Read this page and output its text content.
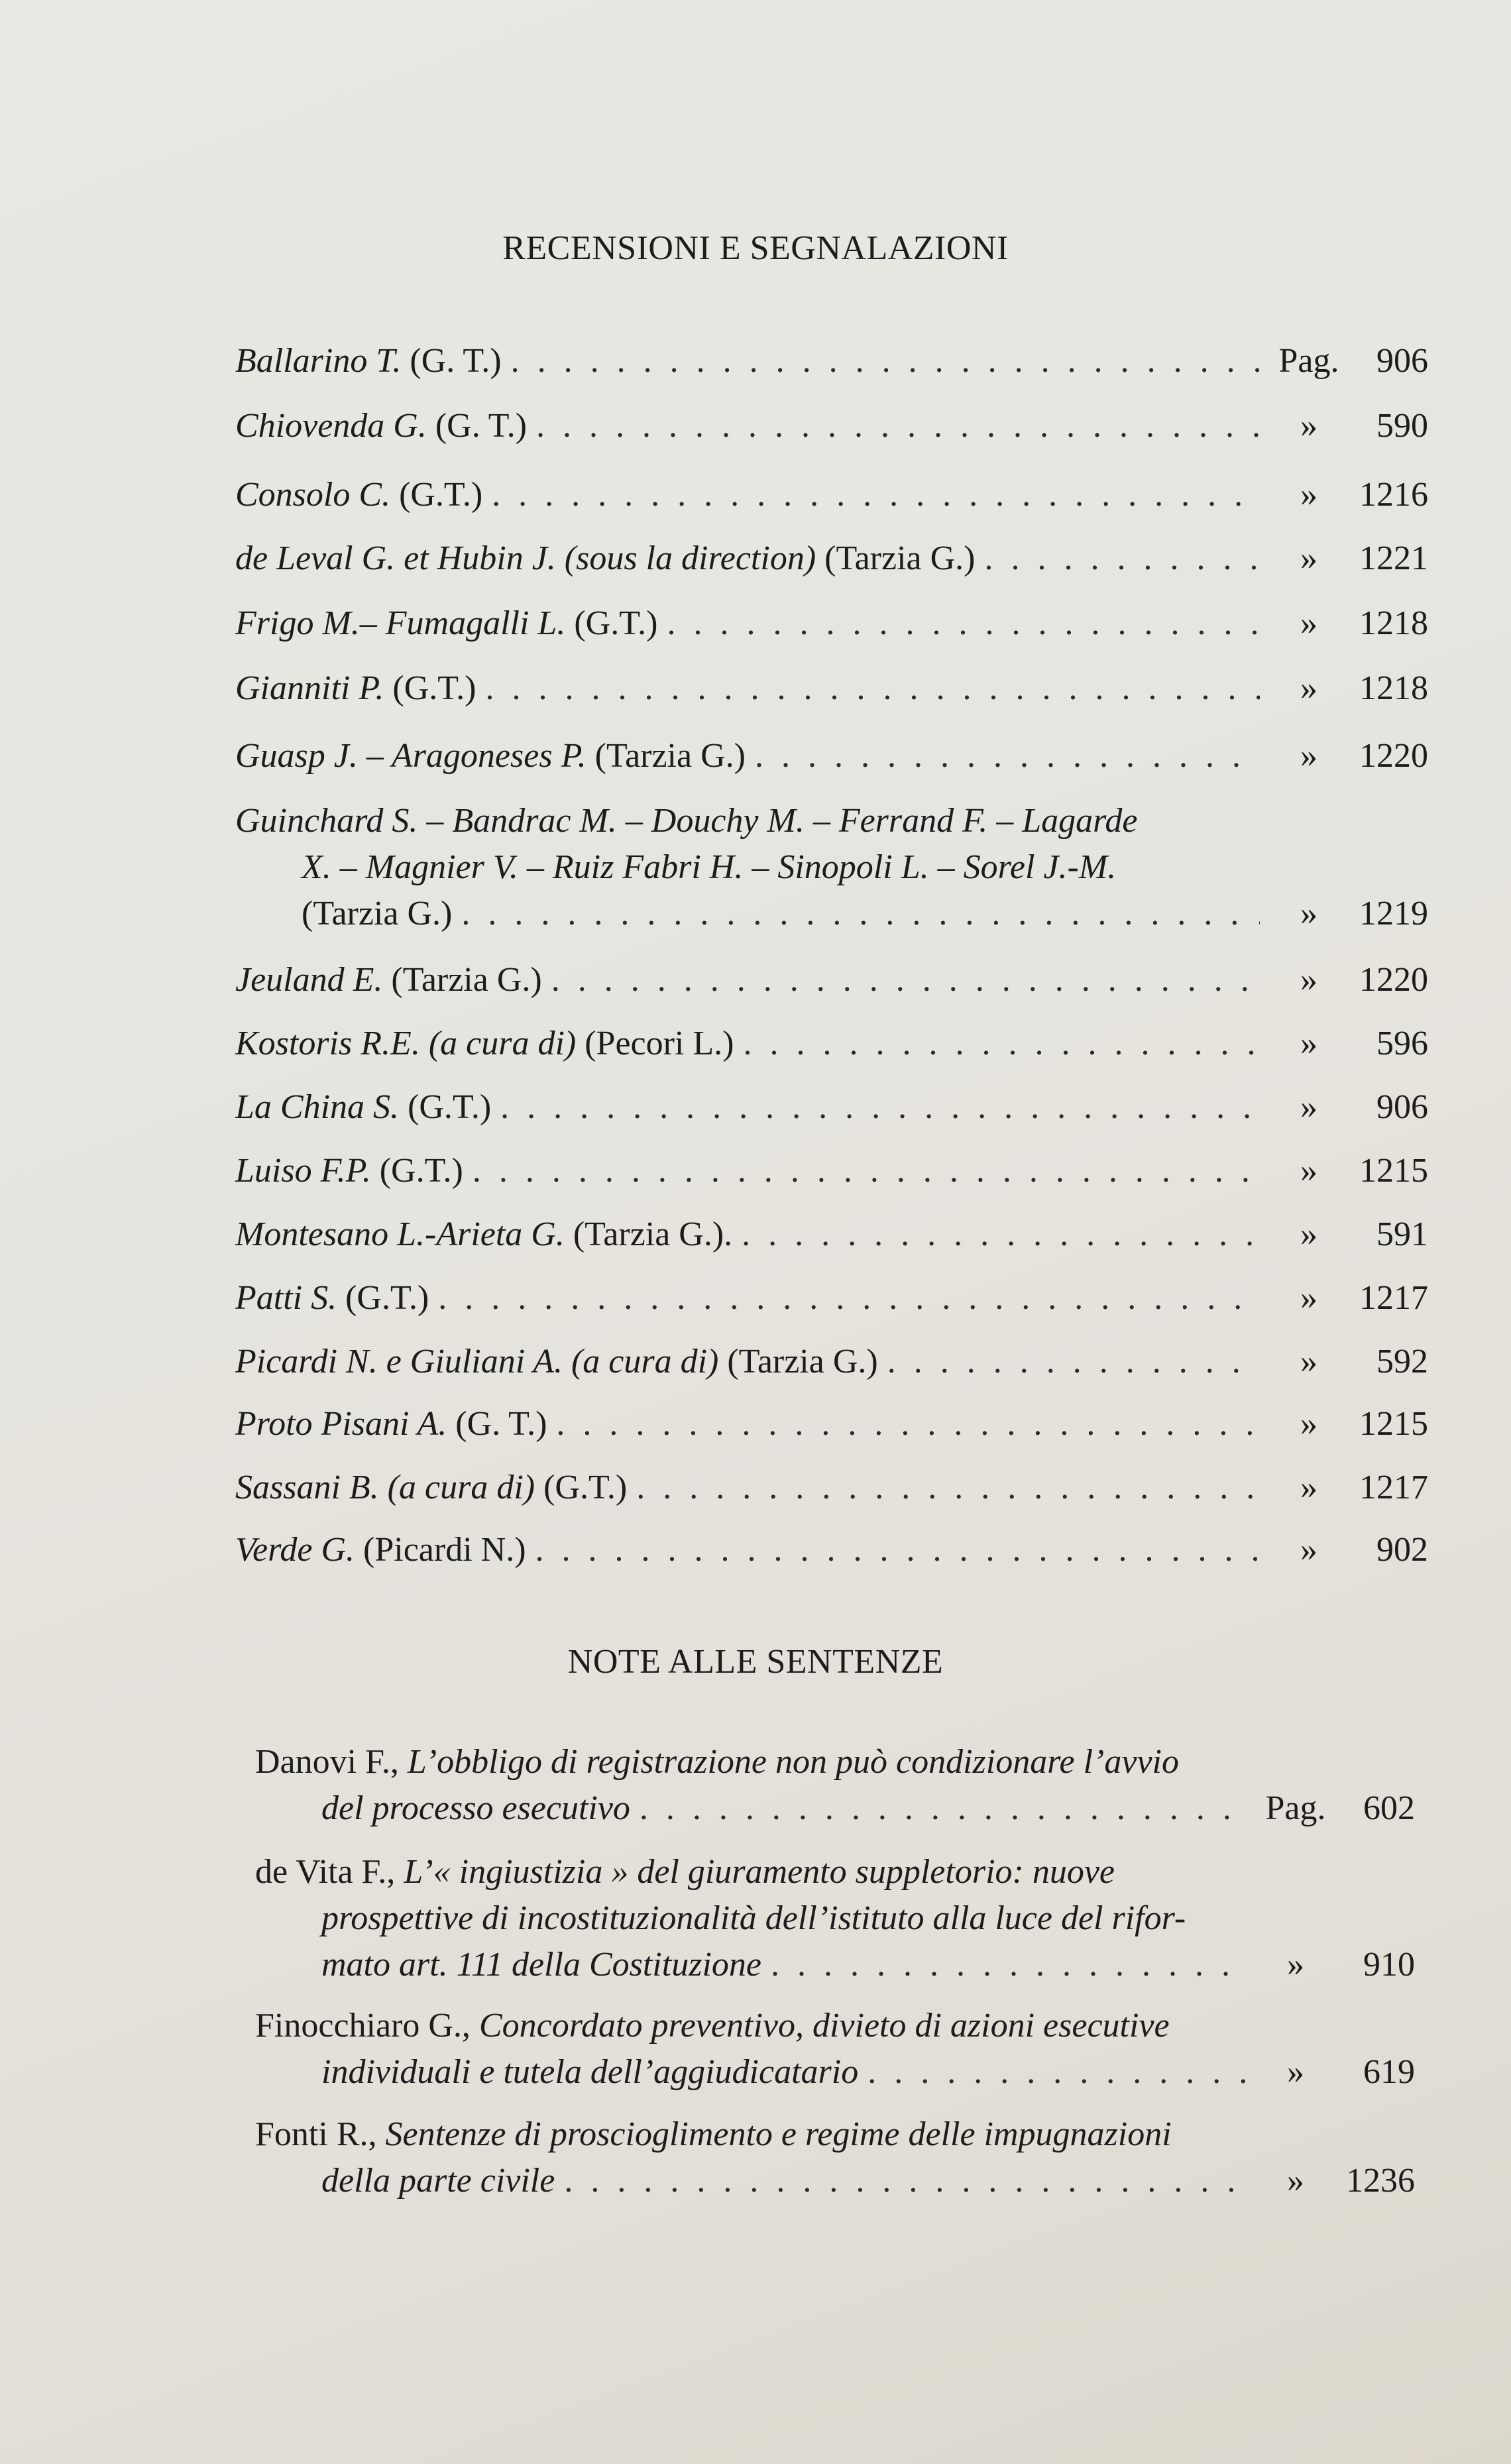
RECENSIONI E SEGNALAZIONI
Ballarino T. (G. T.) . . .	Pag.	906
Chiovenda G. (G. T.) . . .	»	590
Consolo C. (G.T.) . . .	»	1216
de Leval G. et Hubin J. (sous la direction) (Tarzia G.) . . .	»	1221
Frigo M.– Fumagalli L. (G.T.) . . .	»	1218
Gianniti P. (G.T.) . . .	»	1218
Guasp J. – Aragoneses P. (Tarzia G.) . . .	»	1220
Guinchard S. – Bandrac M. – Douchy M. – Ferrand F. – Lagarde
X. – Magnier V. – Ruiz Fabri H. – Sinopoli L. – Sorel J.-M.
(Tarzia G.) . . .	»	1219
Jeuland E. (Tarzia G.) . . .	»	1220
Kostoris R.E. (a cura di) (Pecori L.) . . .	»	596
La China S. (G.T.) . . .	»	906
Luiso F.P. (G.T.) . . .	»	1215
Montesano L.-Arieta G. (Tarzia G.). . . .	»	591
Patti S. (G.T.) . . .	»	1217
Picardi N. e Giuliani A. (a cura di) (Tarzia G.) . . .	»	592
Proto Pisani A. (G. T.) . . .	»	1215
Sassani B. (a cura di) (G.T.) . . .	»	1217
Verde G. (Picardi N.) . . .	»	902
NOTE ALLE SENTENZE
Danovi F., L’obbligo di registrazione non può condizionare l’avvio
del processo esecutivo . . .	Pag.	602
de Vita F., L’« ingiustizia » del giuramento suppletorio: nuove
prospettive di incostituzionalità dell’istituto alla luce del rifor-
mato art. 111 della Costituzione . . .	»	910
Finocchiaro G., Concordato preventivo, divieto di azioni esecutive
individuali e tutela dell’aggiudicatario . . .	»	619
Fonti R., Sentenze di proscioglimento e regime delle impugnazioni
della parte civile . . .	»	1236
